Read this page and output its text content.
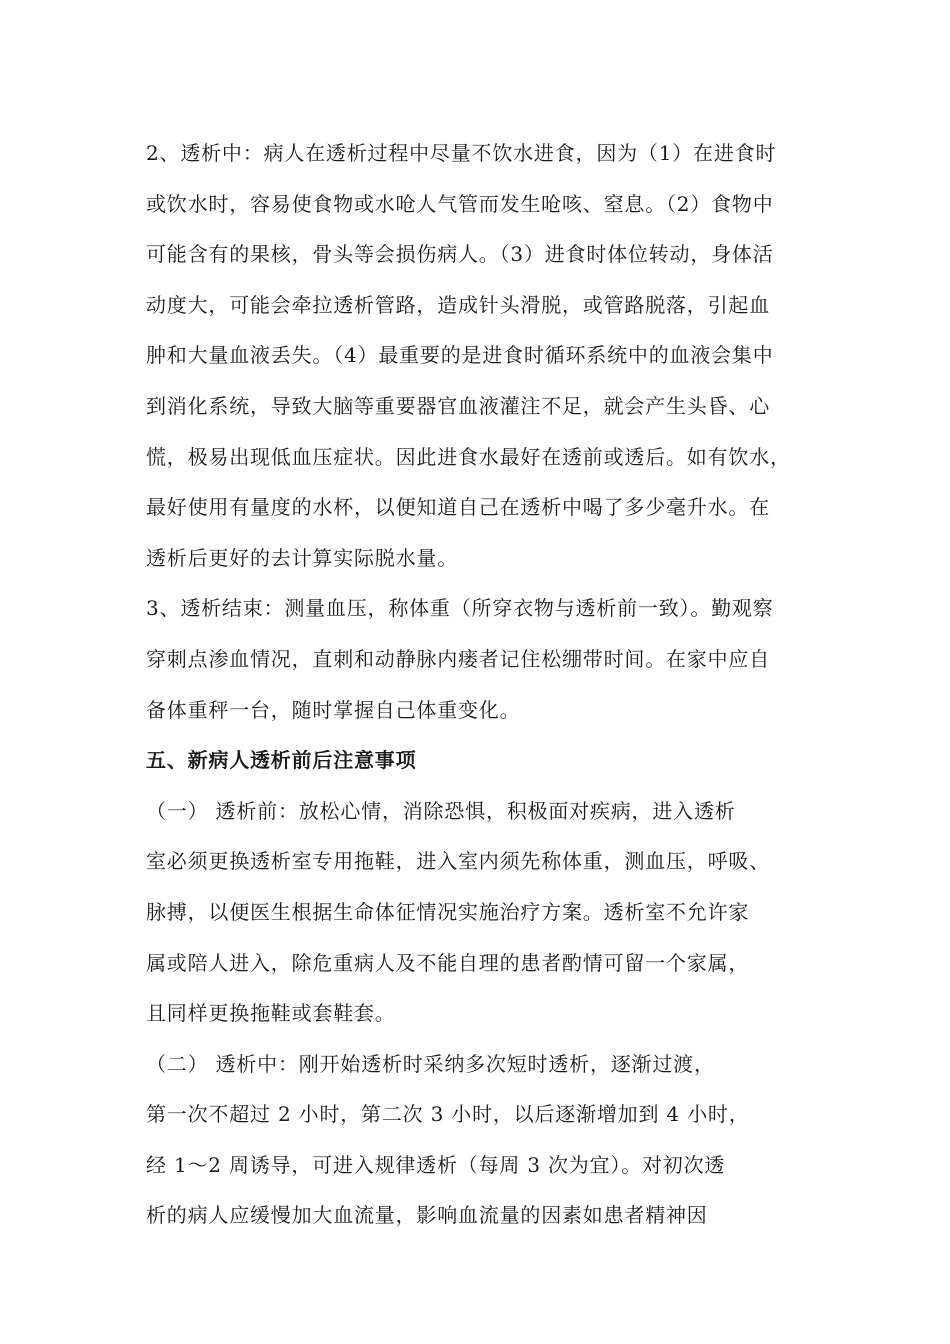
2、透析中：病人在透析过程中尽量不饮水进食，因为（1）在进食时
或饮水时，容易使食物或水呛人气管而发生呛咳、窒息。（2）食物中
可能含有的果核，骨头等会损伤病人。（3）进食时体位转动，身体活
动度大，可能会牵拉透析管路，造成针头滑脱，或管路脱落，引起血
肿和大量血液丢失。（4）最重要的是进食时循环系统中的血液会集中
到消化系统，导致大脑等重要器官血液灌注不足，就会产生头昏、心
慌，极易出现低血压症状。因此进食水最好在透前或透后。如有饮水，
最好使用有量度的水杯，以便知道自己在透析中喝了多少毫升水。在
透析后更好的去计算实际脱水量。
3、透析结束：测量血压，称体重（所穿衣物与透析前一致）。勤观察
穿刺点渗血情况，直刺和动静脉内瘘者记住松绷带时间。在家中应自
备体重秤一台，随时掌握自己体重变化。
五、新病人透析前后注意事项
（一） 透析前：放松心情，消除恐惧，积极面对疾病，进入透析
室必须更换透析室专用拖鞋，进入室内须先称体重，测血压，呼吸、
脉搏，以便医生根据生命体征情况实施治疗方案。透析室不允许家
属或陪人进入，除危重病人及不能自理的患者酌情可留一个家属，
且同样更换拖鞋或套鞋套。
（二） 透析中：刚开始透析时采纳多次短时透析，逐渐过渡，
第一次不超过 2 小时，第二次 3 小时，以后逐渐增加到 4 小时，
经 1～2 周诱导，可进入规律透析（每周 3 次为宜）。对初次透
析的病人应缓慢加大血流量，影响血流量的因素如患者精神因
